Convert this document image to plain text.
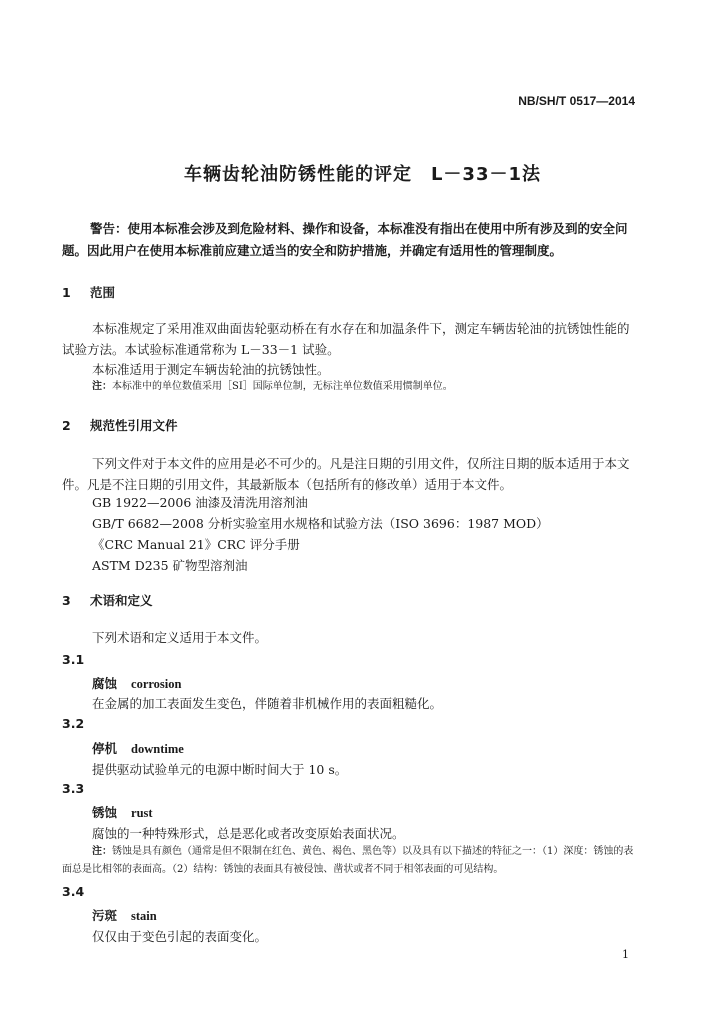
NB/SH/T 0517—2014
车辆齿轮油防锈性能的评定　L－33－1法
警告：使用本标准会涉及到危险材料、操作和设备，本标准没有指出在使用中所有涉及到的安全问题。因此用户在使用本标准前应建立适当的安全和防护措施，并确定有适用性的管理制度。
1 范围
本标准规定了采用准双曲面齿轮驱动桥在有水存在和加温条件下，测定车辆齿轮油的抗锈蚀性能的试验方法。本试验标准通常称为 L－33－1 试验。
本标准适用于测定车辆齿轮油的抗锈蚀性。
注：本标准中的单位数值采用［SI］国际单位制，无标注单位数值采用惯制单位。
2 规范性引用文件
下列文件对于本文件的应用是必不可少的。凡是注日期的引用文件，仅所注日期的版本适用于本文件。凡是不注日期的引用文件，其最新版本（包括所有的修改单）适用于本文件。
GB 1922—2006 油漆及清洗用溶剂油
GB/T 6682—2008 分析实验室用水规格和试验方法（ISO 3696：1987 MOD）
《CRC Manual 21》CRC 评分手册
ASTM D235 矿物型溶剂油
3 术语和定义
下列术语和定义适用于本文件。
3.1
腐蚀 corrosion
在金属的加工表面发生变色，伴随着非机械作用的表面粗糙化。
3.2
停机 downtime
提供驱动试验单元的电源中断时间大于 10 s。
3.3
锈蚀 rust
腐蚀的一种特殊形式，总是恶化或者改变原始表面状况。
注：锈蚀是具有颜色（通常是但不限制在红色、黄色、褐色、黑色等）以及具有以下描述的特征之一：（1）深度：锈蚀的表面总是比相邻的表面高。（2）结构：锈蚀的表面具有被侵蚀、凿状或者不同于相邻表面的可见结构。
3.4
污斑 stain
仅仅由于变色引起的表面变化。
1
